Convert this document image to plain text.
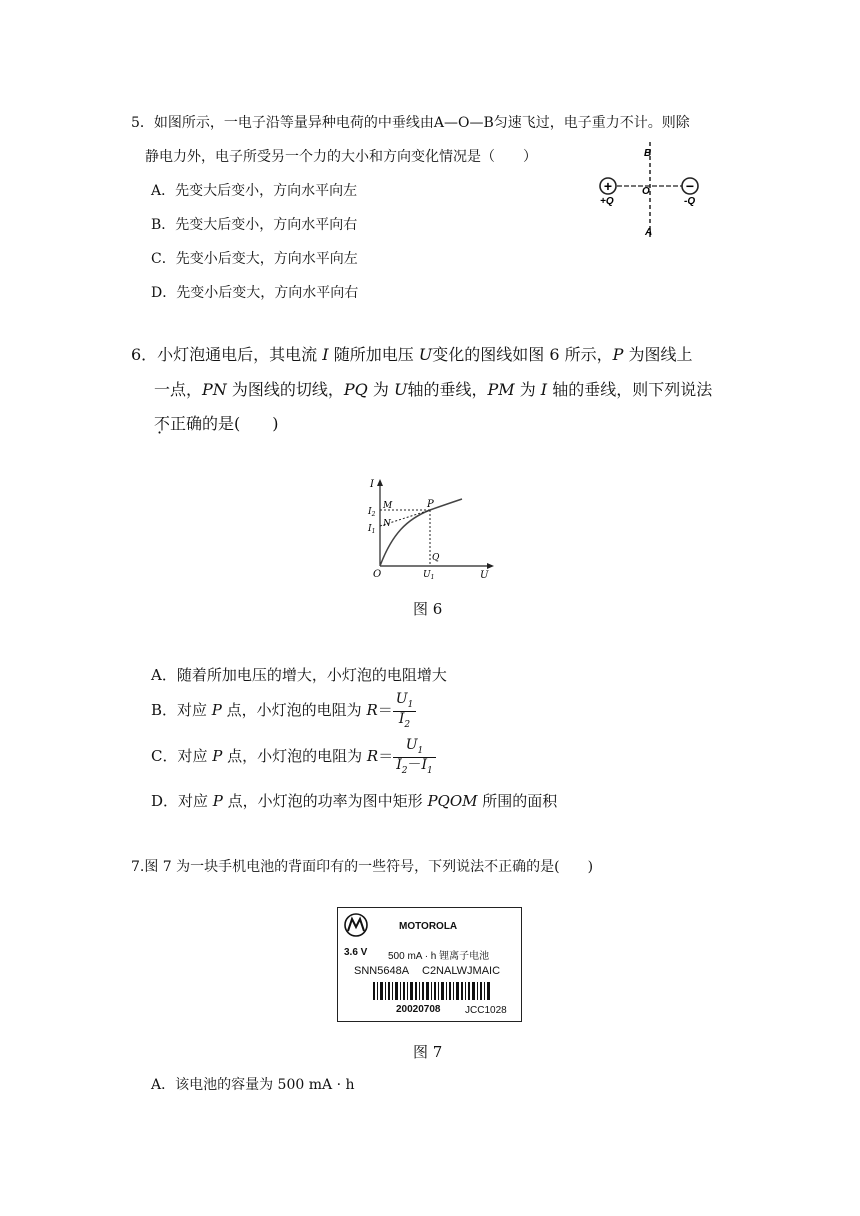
5．如图所示，一电子沿等量异种电荷的中垂线由A—O—B匀速飞过，电子重力不计。则除
静电力外，电子所受另一个力的大小和方向变化情况是（　　）
A．先变大后变小，方向水平向左
B．先变大后变小，方向水平向右
C．先变小后变大，方向水平向左
D．先变小后变大，方向水平向右
+	−
B
O
A
+Q	-Q
6．小灯泡通电后，其电流 I 随所加电压 U变化的图线如图 6 所示，P 为图线上
一点，PN 为图线的切线，PQ 为 U轴的垂线，PM 为 I 轴的垂线，则下列说法
不正确的是(　　)
I
U
O
M	P
N
Q
$I_2$
$I_1$
$U_1$
图 6
A．随着所加电压的增大，小灯泡的电阻增大
B．对应 P 点，小灯泡的电阻为 $R= \frac{U_1}{I_2}$
C．对应 P 点，小灯泡的电阻为 $R= \frac{U_1}{I_2-I_1}$
D．对应 P 点，小灯泡的功率为图中矩形 PQOM 所围的面积
7.图 7 为一块手机电池的背面印有的一些符号，下列说法不正确的是(　　)
MOTOROLA
3.6 V 500 mA · h 锂离子电池
SNN5648A C2NALWJMAIC
20020708 JCC1028
图 7
A．该电池的容量为 500 mA · h
